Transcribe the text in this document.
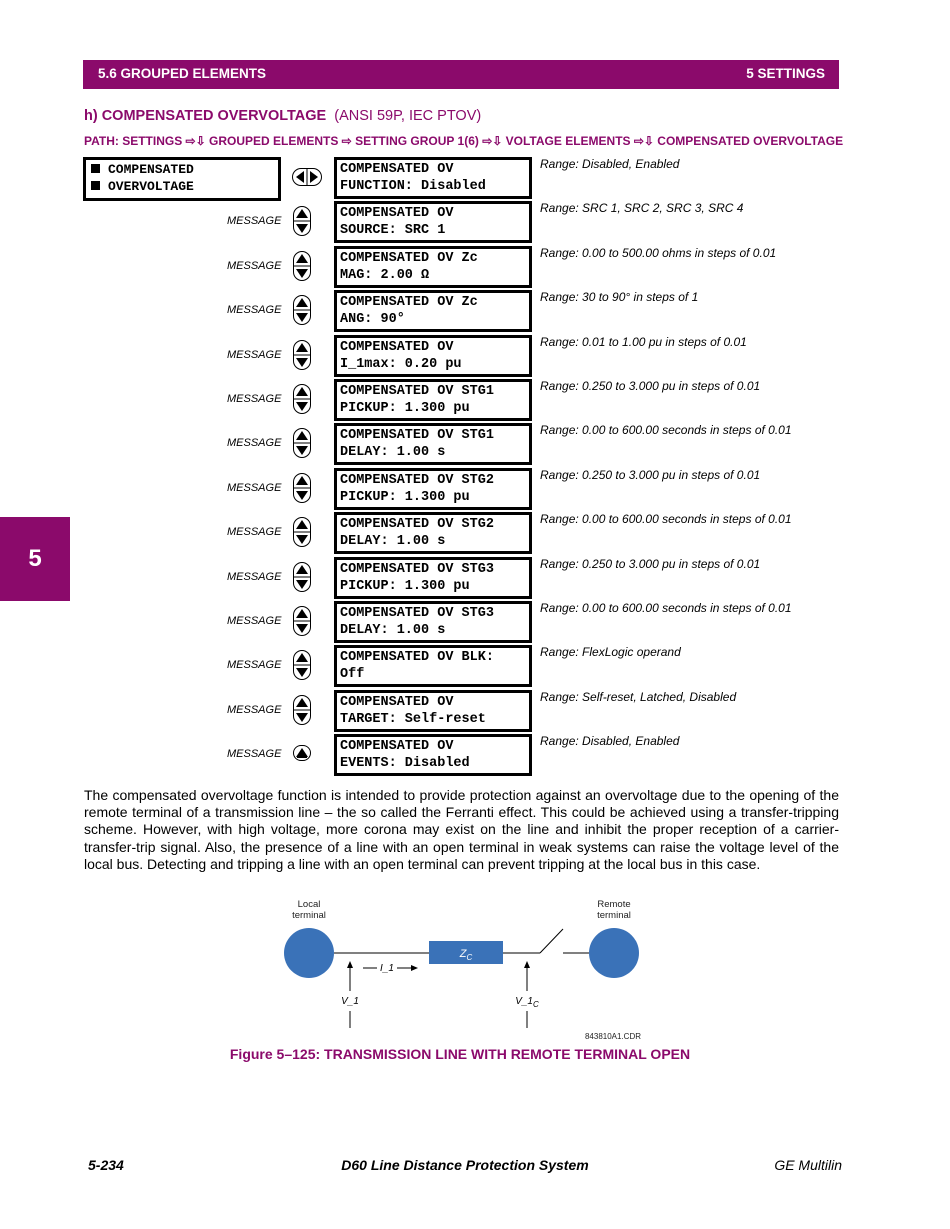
5.6 GROUPED ELEMENTS	5 SETTINGS
h) COMPENSATED OVERVOLTAGE (ANSI 59P, IEC PTOV)
PATH: SETTINGS ⇨⇩ GROUPED ELEMENTS ⇨ SETTING GROUP 1(6) ⇨⇩ VOLTAGE ELEMENTS ⇨⇩ COMPENSATED OVERVOLTAGE
COMPENSATED
OVERVOLTAGE
COMPENSATED OV
FUNCTION: Disabled
Range: Disabled, Enabled
MESSAGE	COMPENSATED OV
SOURCE: SRC 1
Range: SRC 1, SRC 2, SRC 3, SRC 4
MESSAGE	COMPENSATED OV Zc
MAG: 2.00 Ω
Range: 0.00 to 500.00 ohms in steps of 0.01
MESSAGE	COMPENSATED OV Zc
ANG: 90°
Range: 30 to 90° in steps of 1
MESSAGE	COMPENSATED OV
I_1max: 0.20 pu
Range: 0.01 to 1.00 pu in steps of 0.01
MESSAGE	COMPENSATED OV STG1
PICKUP: 1.300 pu
Range: 0.250 to 3.000 pu in steps of 0.01
MESSAGE	COMPENSATED OV STG1
DELAY: 1.00 s
Range: 0.00 to 600.00 seconds in steps of 0.01
MESSAGE	COMPENSATED OV STG2
PICKUP: 1.300 pu
Range: 0.250 to 3.000 pu in steps of 0.01
MESSAGE	COMPENSATED OV STG2
DELAY: 1.00 s
Range: 0.00 to 600.00 seconds in steps of 0.01
MESSAGE	COMPENSATED OV STG3
PICKUP: 1.300 pu
Range: 0.250 to 3.000 pu in steps of 0.01
MESSAGE	COMPENSATED OV STG3
DELAY: 1.00 s
Range: 0.00 to 600.00 seconds in steps of 0.01
MESSAGE	COMPENSATED OV BLK:
Off
Range: FlexLogic operand
MESSAGE	COMPENSATED OV
TARGET: Self-reset
Range: Self-reset, Latched, Disabled
MESSAGE	COMPENSATED OV
EVENTS: Disabled
Range: Disabled, Enabled
The compensated overvoltage function is intended to provide protection against an overvoltage due to the opening of the remote terminal of a transmission line – the so called the Ferranti effect. This could be achieved using a transfer-tripping scheme. However, with high voltage, more corona may exist on the line and inhibit the proper reception of a carrier-transfer-trip signal. Also, the presence of a line with an open terminal in weak systems can raise the voltage level of the local bus. Detecting and tripping a line with an open terminal can prevent tripping at the local bus in this case.
Local
terminal
Remote
terminal
$Z_C$
I_1
V_1	$V\_1_C$
843810A1.CDR
Figure 5–125: TRANSMISSION LINE WITH REMOTE TERMINAL OPEN
5
5-234	D60 Line Distance Protection System	GE Multilin
